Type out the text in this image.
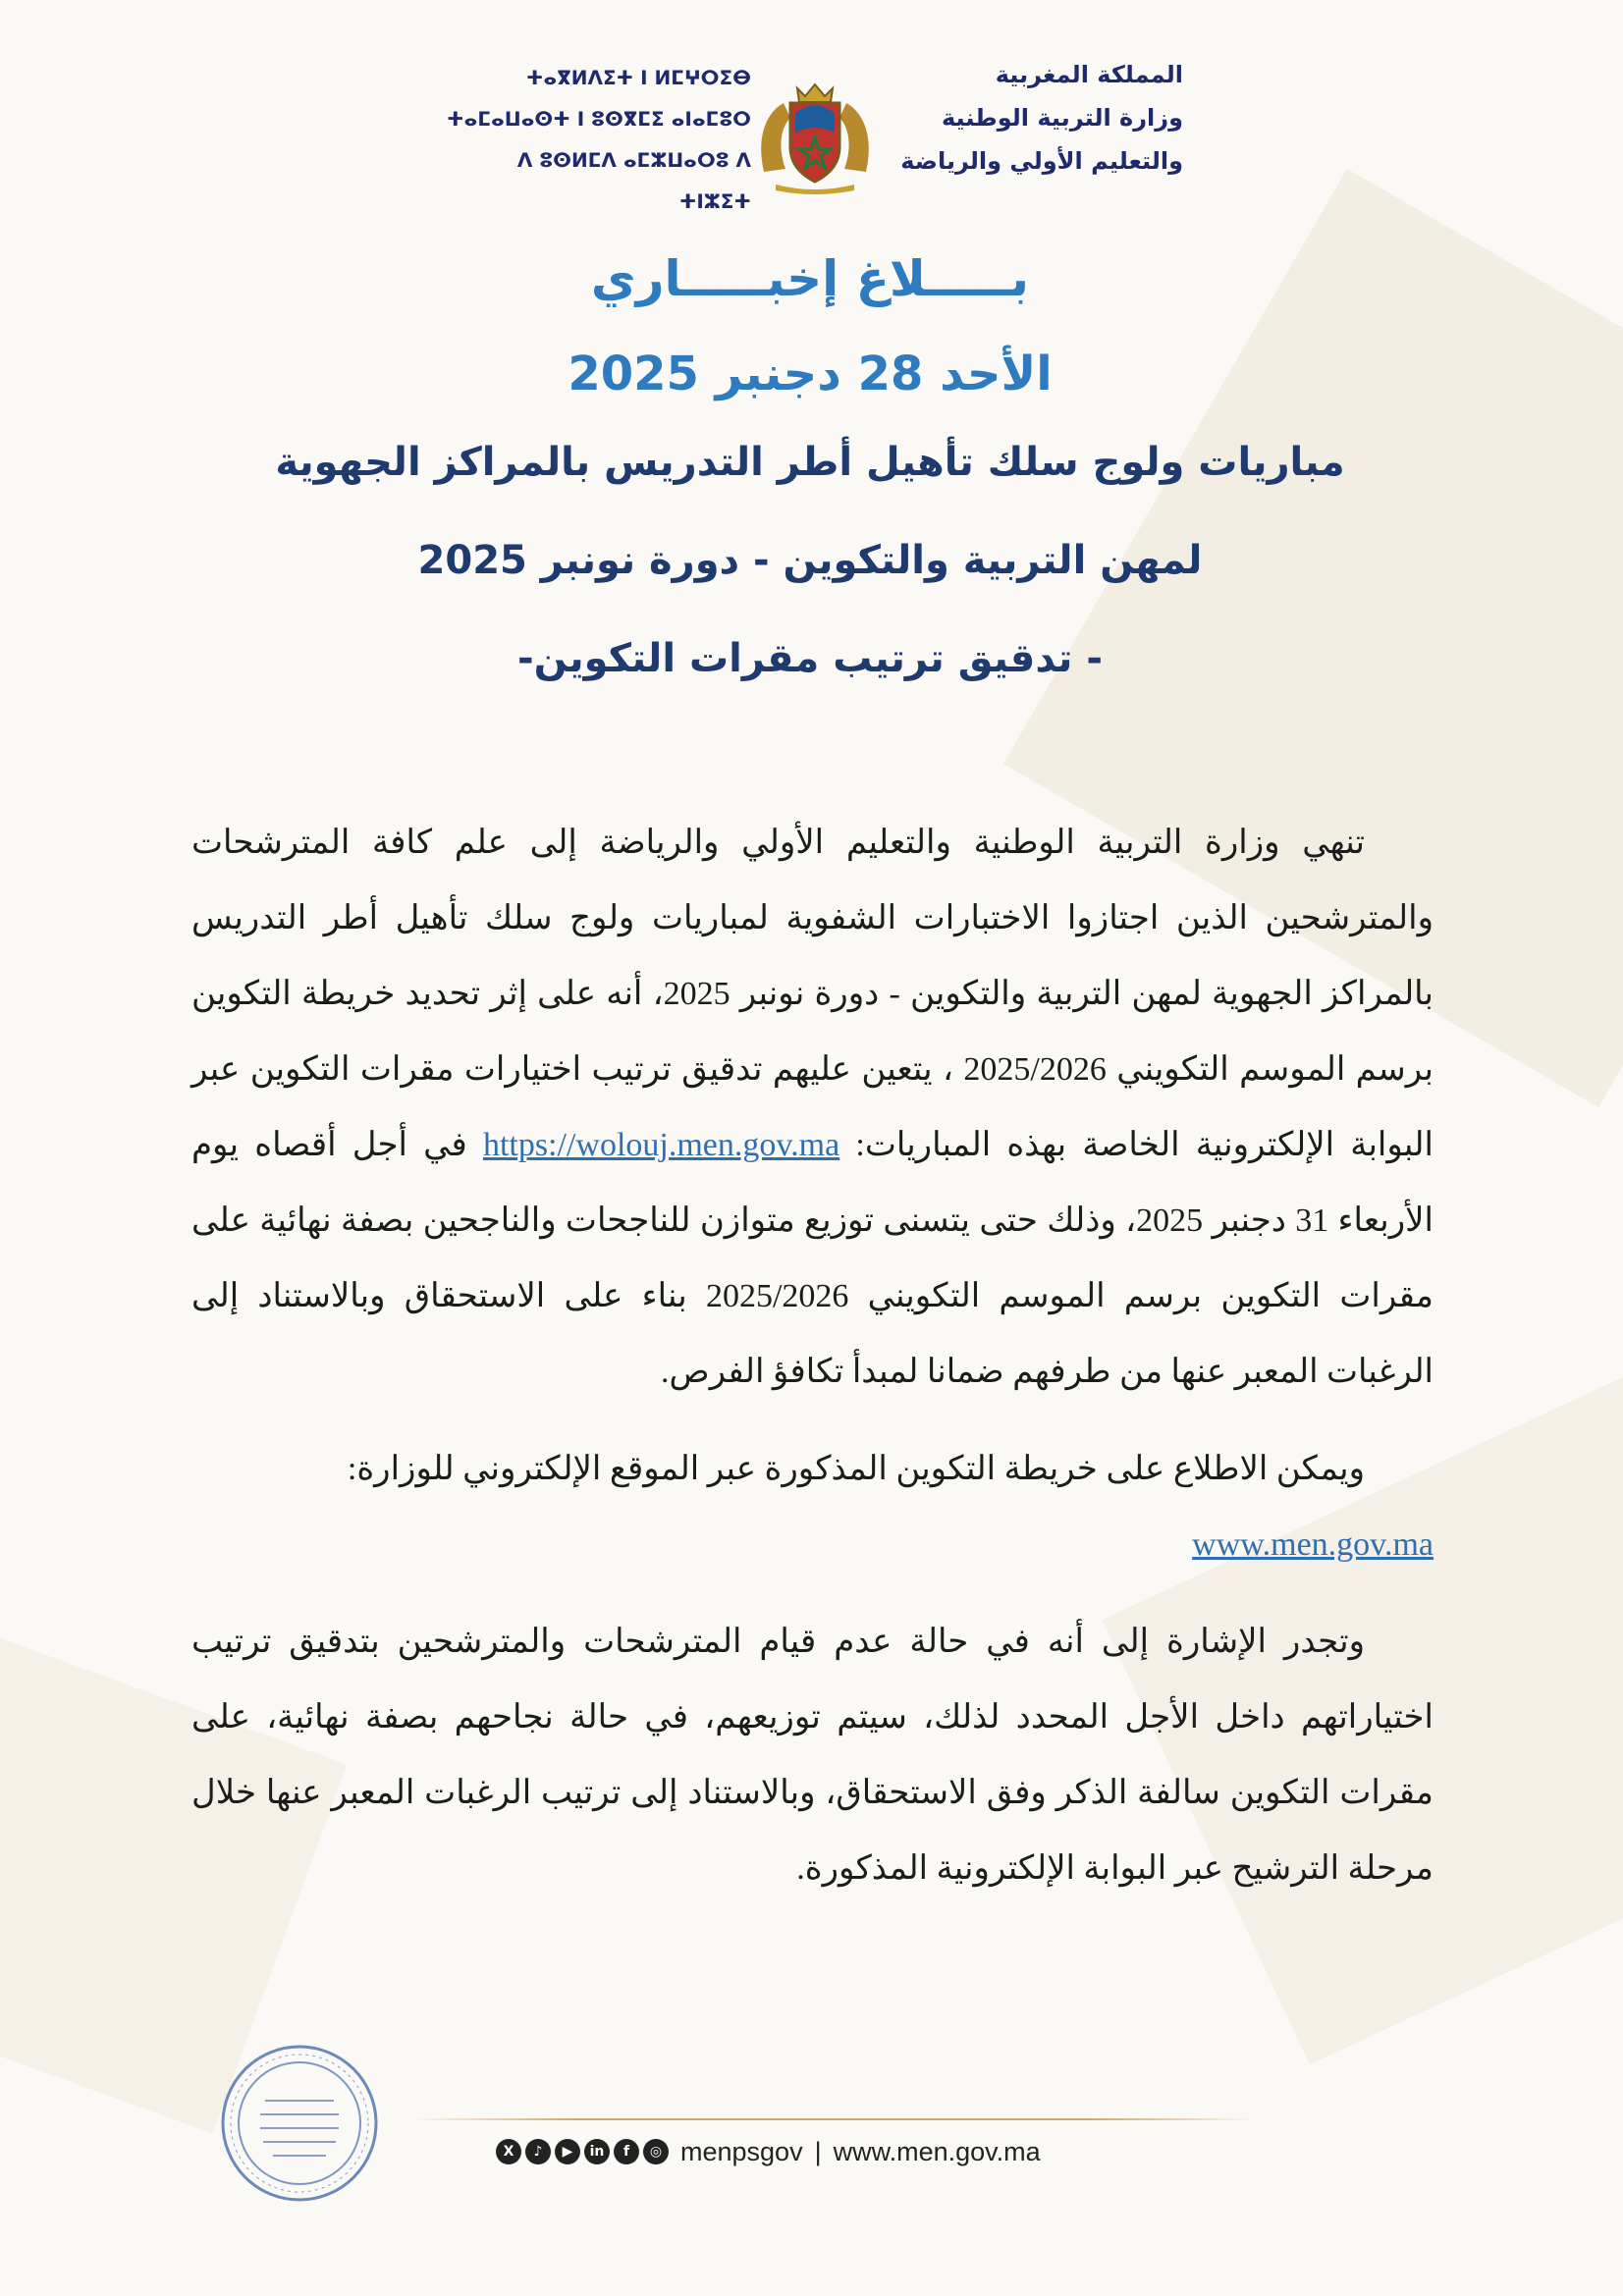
ⵜⴰⴳⵍⴷⵉⵜ ⵏ ⵍⵎⵖⵔⵉⴱ
ⵜⴰⵎⴰⵡⴰⵙⵜ ⵏ ⵓⵙⴳⵎⵉ ⴰⵏⴰⵎⵓⵔ
ⴷ ⵓⵙⵍⵎⴷ ⴰⵎⵣⵡⴰⵔⵓ ⴷ ⵜⵏⵣⵉⵜ
المملكة المغربية
وزارة التربية الوطنية
والتعليم الأولي والرياضة
بـــــلاغ إخبـــــاري
الأحد 28 دجنبر 2025
مباريات ولوج سلك تأهيل أطر التدريس بالمراكز الجهوية
لمهن التربية والتكوين - دورة نونبر 2025
- تدقيق ترتيب مقرات التكوين-

تنهي وزارة التربية الوطنية والتعليم الأولي والرياضة إلى علم كافة المترشحات والمترشحين الذين اجتازوا الاختبارات الشفوية لمباريات ولوج سلك تأهيل أطر التدريس بالمراكز الجهوية لمهن التربية والتكوين - دورة نونبر 2025، أنه على إثر تحديد خريطة التكوين برسم الموسم التكويني 2025/2026 ، يتعين عليهم تدقيق ترتيب اختيارات مقرات التكوين عبر البوابة الإلكترونية الخاصة بهذه المباريات: https://wolouj.men.gov.ma في أجل أقصاه يوم الأربعاء 31 دجنبر 2025، وذلك حتى يتسنى توزيع متوازن للناجحات والناجحين بصفة نهائية على مقرات التكوين برسم الموسم التكويني 2025/2026 بناء على الاستحقاق وبالاستناد إلى الرغبات المعبر عنها من طرفهم ضمانا لمبدأ تكافؤ الفرص.

ويمكن الاطلاع على خريطة التكوين المذكورة عبر الموقع الإلكتروني للوزارة:
www.men.gov.ma

وتجدر الإشارة إلى أنه في حالة عدم قيام المترشحات والمترشحين بتدقيق ترتيب اختياراتهم داخل الأجل المحدد لذلك، سيتم توزيعهم، في حالة نجاحهم بصفة نهائية، على مقرات التكوين سالفة الذكر وفق الاستحقاق، وبالاستناد إلى ترتيب الرغبات المعبر عنها خلال مرحلة الترشيح عبر البوابة الإلكترونية المذكورة.

X	♪	▶	in	f	◎ menpsgov | www.men.gov.ma
